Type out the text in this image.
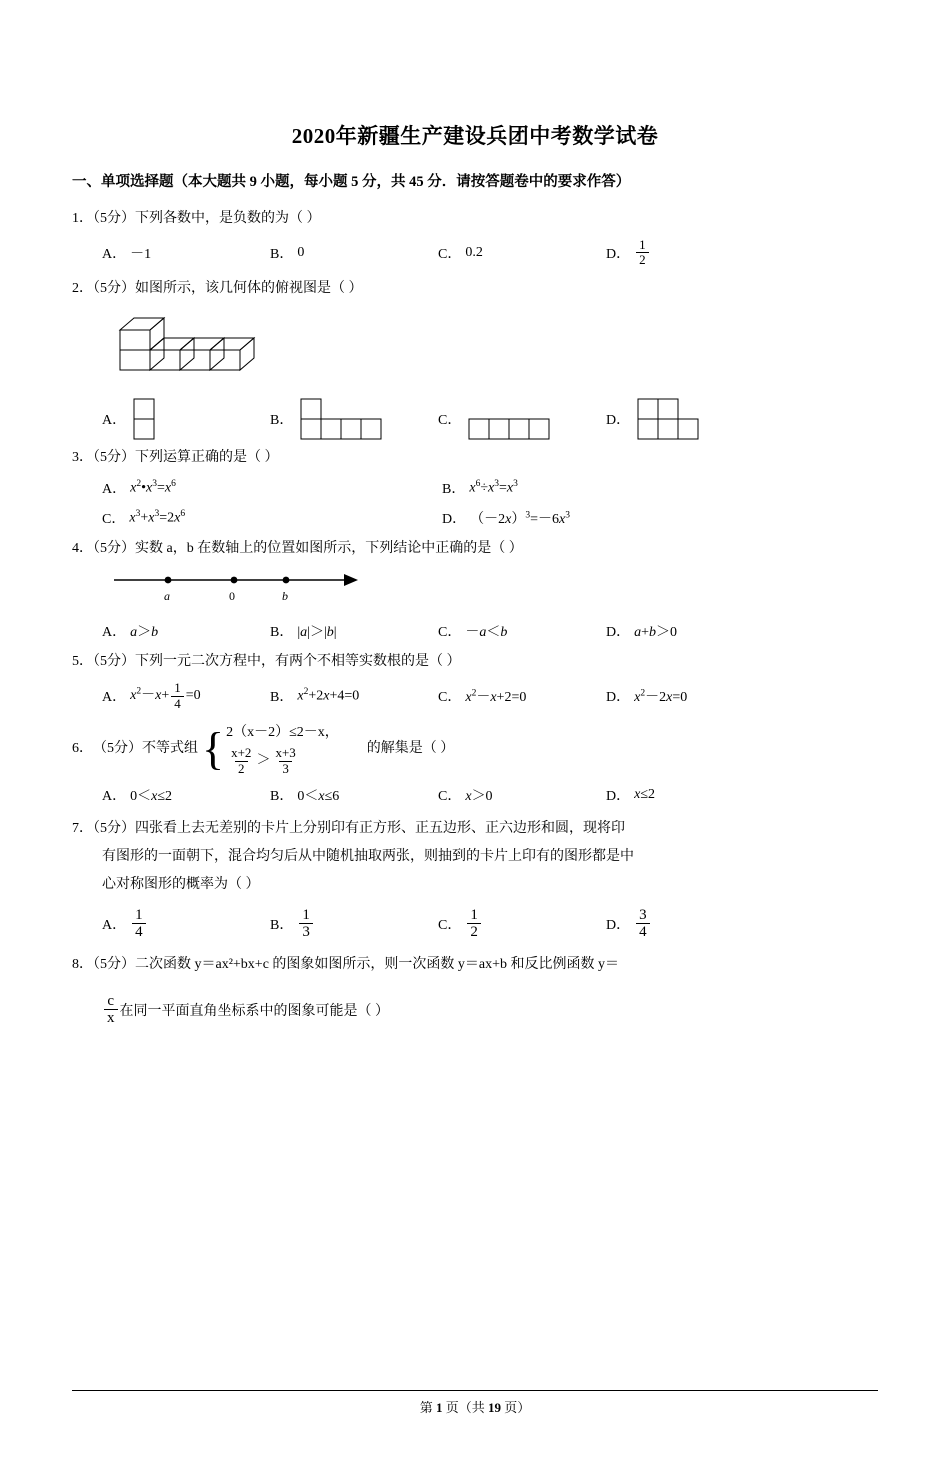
2020年新疆生产建设兵团中考数学试卷
一、单项选择题（本大题共 9 小题，每小题 5 分，共 45 分．请按答题卷中的要求作答）
1．（5分）下列各数中，是负数的为（ ）
A． －1	B． 0	C． 0.2	D． $\frac{1}{2}$
2．（5分）如图所示，该几何体的俯视图是（ ）
A．	B．	C．	D．
3．（5分）下列运算正确的是（ ）
A． $x^2•x^3=x^6$	B． $x^6\div x^3=x^3$
C． $x^3+x^3=2x^6$	D． $(-2x)^3=-6x^3$
4．（5分）实数 a，b 在数轴上的位置如图所示，下列结论中正确的是（ ）
a	0	b
A． a＞b	B． |a|＞|b|	C． －a＜b	D． a+b＞0
5．（5分）下列一元二次方程中，有两个不相等实数根的是（ ）
A． $x^2-x+ \frac{1}{4} =0$	B． $x^2+2x+4=0$	C． $x^2-x+2=0$	D． $x^2-2x=0$
6． （5分） 不等式组 { 2（x－2）≤2－x，
$\frac{x+2}{2} > \frac{x+3}{3}$	的解集是（ ）
A． 0＜x≤2	B． 0＜x≤6	C． x＞0	D． x≤2
7．（5分）四张看上去无差别的卡片上分别印有正方形、正五边形、正六边形和圆，现将印
有图形的一面朝下，混合均匀后从中随机抽取两张，则抽到的卡片上印有的图形都是中
心对称图形的概率为（ ）
A． $\frac{1}{4}$	B． $\frac{1}{3}$	C． $\frac{1}{2}$	D． $\frac{3}{4}$
8．（5分）二次函数 y＝ax²+bx+c 的图象如图所示，则一次函数 y＝ax+b 和反比例函数 y＝
$\frac{c}{x}$ 在同一平面直角坐标系中的图象可能是（ ）
第 1 页（共 19 页）
